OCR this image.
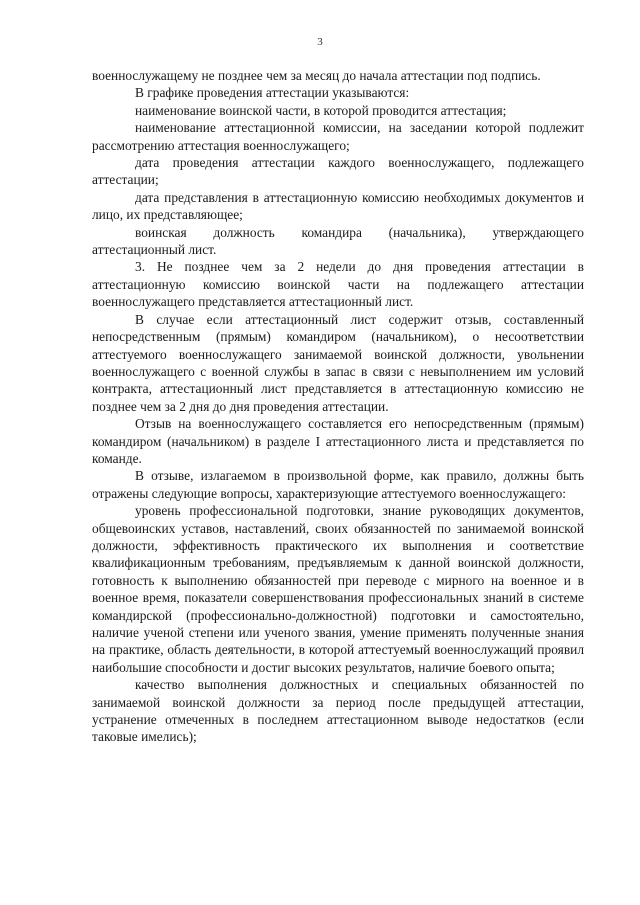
3

военнослужащему не позднее чем за месяц до начала аттестации под подпись.

В графике проведения аттестации указываются:

наименование воинской части, в которой проводится аттестация;

наименование аттестационной комиссии, на заседании которой подлежит рассмотрению аттестация военнослужащего;

дата проведения аттестации каждого военнослужащего, подлежащего аттестации;

дата представления в аттестационную комиссию необходимых документов и лицо, их представляющее;

воинская должность командира (начальника), утверждающего аттестационный лист.

3. Не позднее чем за 2 недели до дня проведения аттестации в аттестационную комиссию воинской части на подлежащего аттестации военнослужащего представляется аттестационный лист.

В случае если аттестационный лист содержит отзыв, составленный непосредственным (прямым) командиром (начальником), о несоответствии аттестуемого военнослужащего занимаемой воинской должности, увольнении военнослужащего с военной службы в запас в связи с невыполнением им условий контракта, аттестационный лист представляется в аттестационную комиссию не позднее чем за 2 дня до дня проведения аттестации.

Отзыв на военнослужащего составляется его непосредственным (прямым) командиром (начальником) в разделе I аттестационного листа и представляется по команде.

В отзыве, излагаемом в произвольной форме, как правило, должны быть отражены следующие вопросы, характеризующие аттестуемого военнослужащего:

уровень профессиональной подготовки, знание руководящих документов, общевоинских уставов, наставлений, своих обязанностей по занимаемой воинской должности, эффективность практического их выполнения и соответствие квалификационным требованиям, предъявляемым к данной воинской должности, готовность к выполнению обязанностей при переводе с мирного на военное и в военное время, показатели совершенствования профессиональных знаний в системе командирской (профессионально-должностной) подготовки и самостоятельно, наличие ученой степени или ученого звания, умение применять полученные знания на практике, область деятельности, в которой аттестуемый военнослужащий проявил наибольшие способности и достиг высоких результатов, наличие боевого опыта;

качество выполнения должностных и специальных обязанностей по занимаемой воинской должности за период после предыдущей аттестации, устранение отмеченных в последнем аттестационном выводе недостатков (если таковые имелись);
